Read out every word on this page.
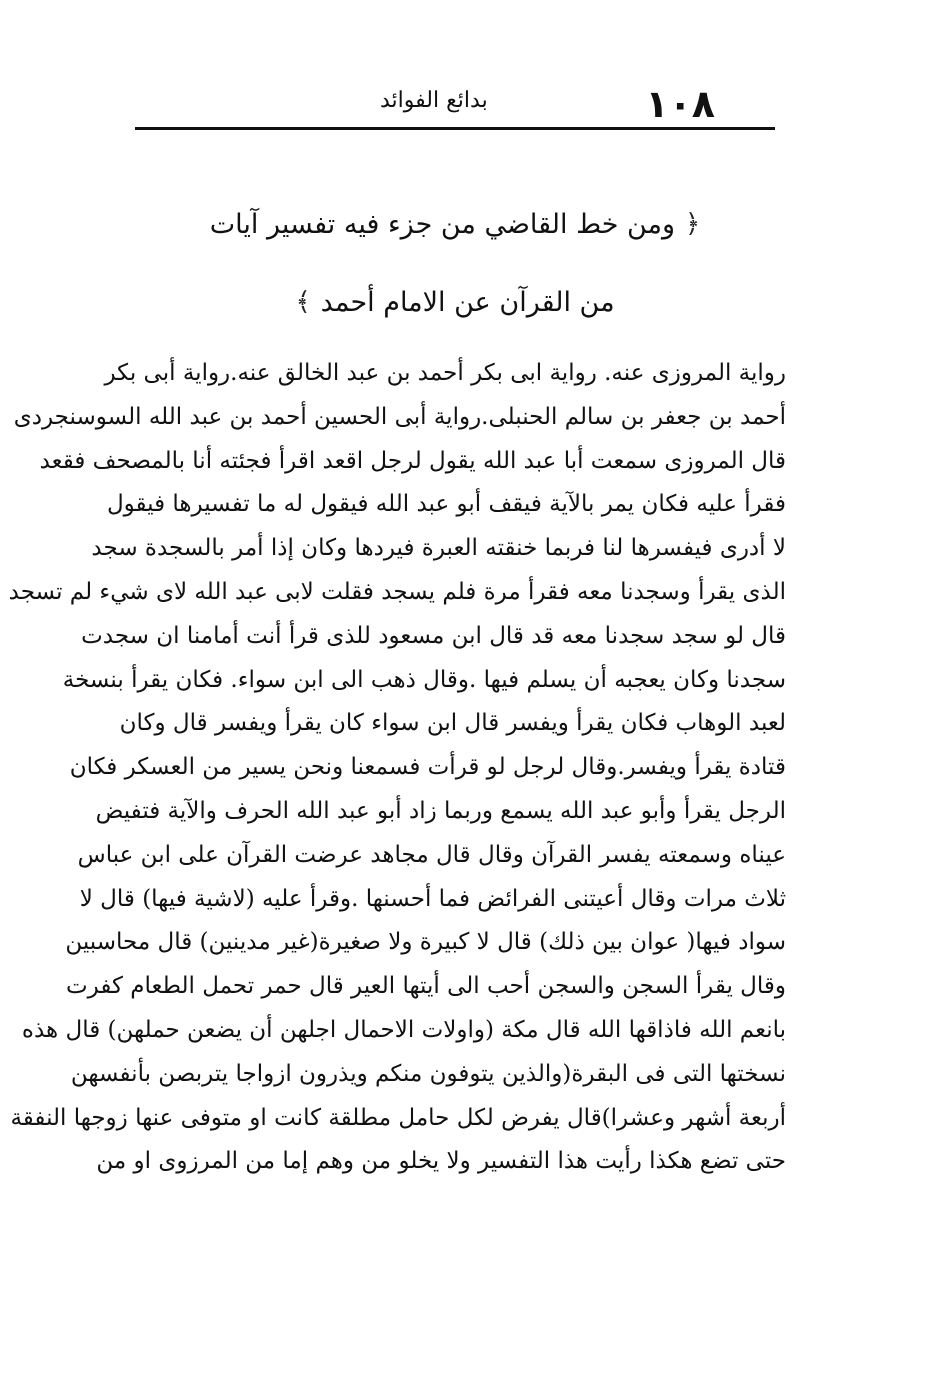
١٠٨
بدائع الفوائد
﴿
ومن خط القاضي من جزء فيه تفسير آيات
من القرآن عن الامام أحمد
﴾
رواية المروزى عنه. رواية ابى بكر أحمد بن عبد الخالق عنه.رواية أبى بكر
أحمد بن جعفر بن سالم الحنبلى.رواية أبى الحسين أحمد بن عبد الله السوسنجردى
قال المروزى سمعت أبا عبد الله يقول لرجل اقعد اقرأ فجئته أنا بالمصحف فقعد
فقرأ عليه فكان يمر بالآية فيقف أبو عبد الله فيقول له ما تفسيرها فيقول
لا أدرى فيفسرها لنا فربما خنقته العبرة فيردها وكان إذا أمر بالسجدة سجد
الذى يقرأ وسجدنا معه فقرأ مرة فلم يسجد فقلت لابى عبد الله لاى شيء لم تسجد
قال لو سجد سجدنا معه قد قال ابن مسعود للذى قرأ أنت أمامنا ان سجدت
سجدنا وكان يعجبه أن يسلم فيها .وقال ذهب الى ابن سواء. فكان يقرأ بنسخة
لعبد الوهاب فكان يقرأ ويفسر قال ابن سواء كان يقرأ ويفسر قال وكان
قتادة يقرأ ويفسر.وقال لرجل لو قرأت فسمعنا ونحن يسير من العسكر فكان
الرجل يقرأ وأبو عبد الله يسمع وربما زاد أبو عبد الله الحرف والآية فتفيض
عيناه وسمعته يفسر القرآن وقال قال مجاهد عرضت القرآن على ابن عباس
ثلاث مرات وقال أعيتنى الفرائض فما أحسنها .وقرأ عليه (لاشية فيها) قال لا
سواد فيها( عوان بين ذلك) قال لا كبيرة ولا صغيرة(غير مدينين) قال محاسبين
وقال يقرأ السجن والسجن أحب الى أيتها العير قال حمر تحمل الطعام كفرت
بانعم الله فاذاقها الله قال مكة (واولات الاحمال اجلهن أن يضعن حملهن) قال هذه
نسختها التى فى البقرة(والذين يتوفون منكم ويذرون ازواجا يتربصن بأنفسهن
أربعة أشهر وعشرا)قال يفرض لكل حامل مطلقة كانت او متوفى عنها زوجها النفقة
حتى تضع هكذا رأيت هذا التفسير ولا يخلو من وهم إما من المرزوى او من
